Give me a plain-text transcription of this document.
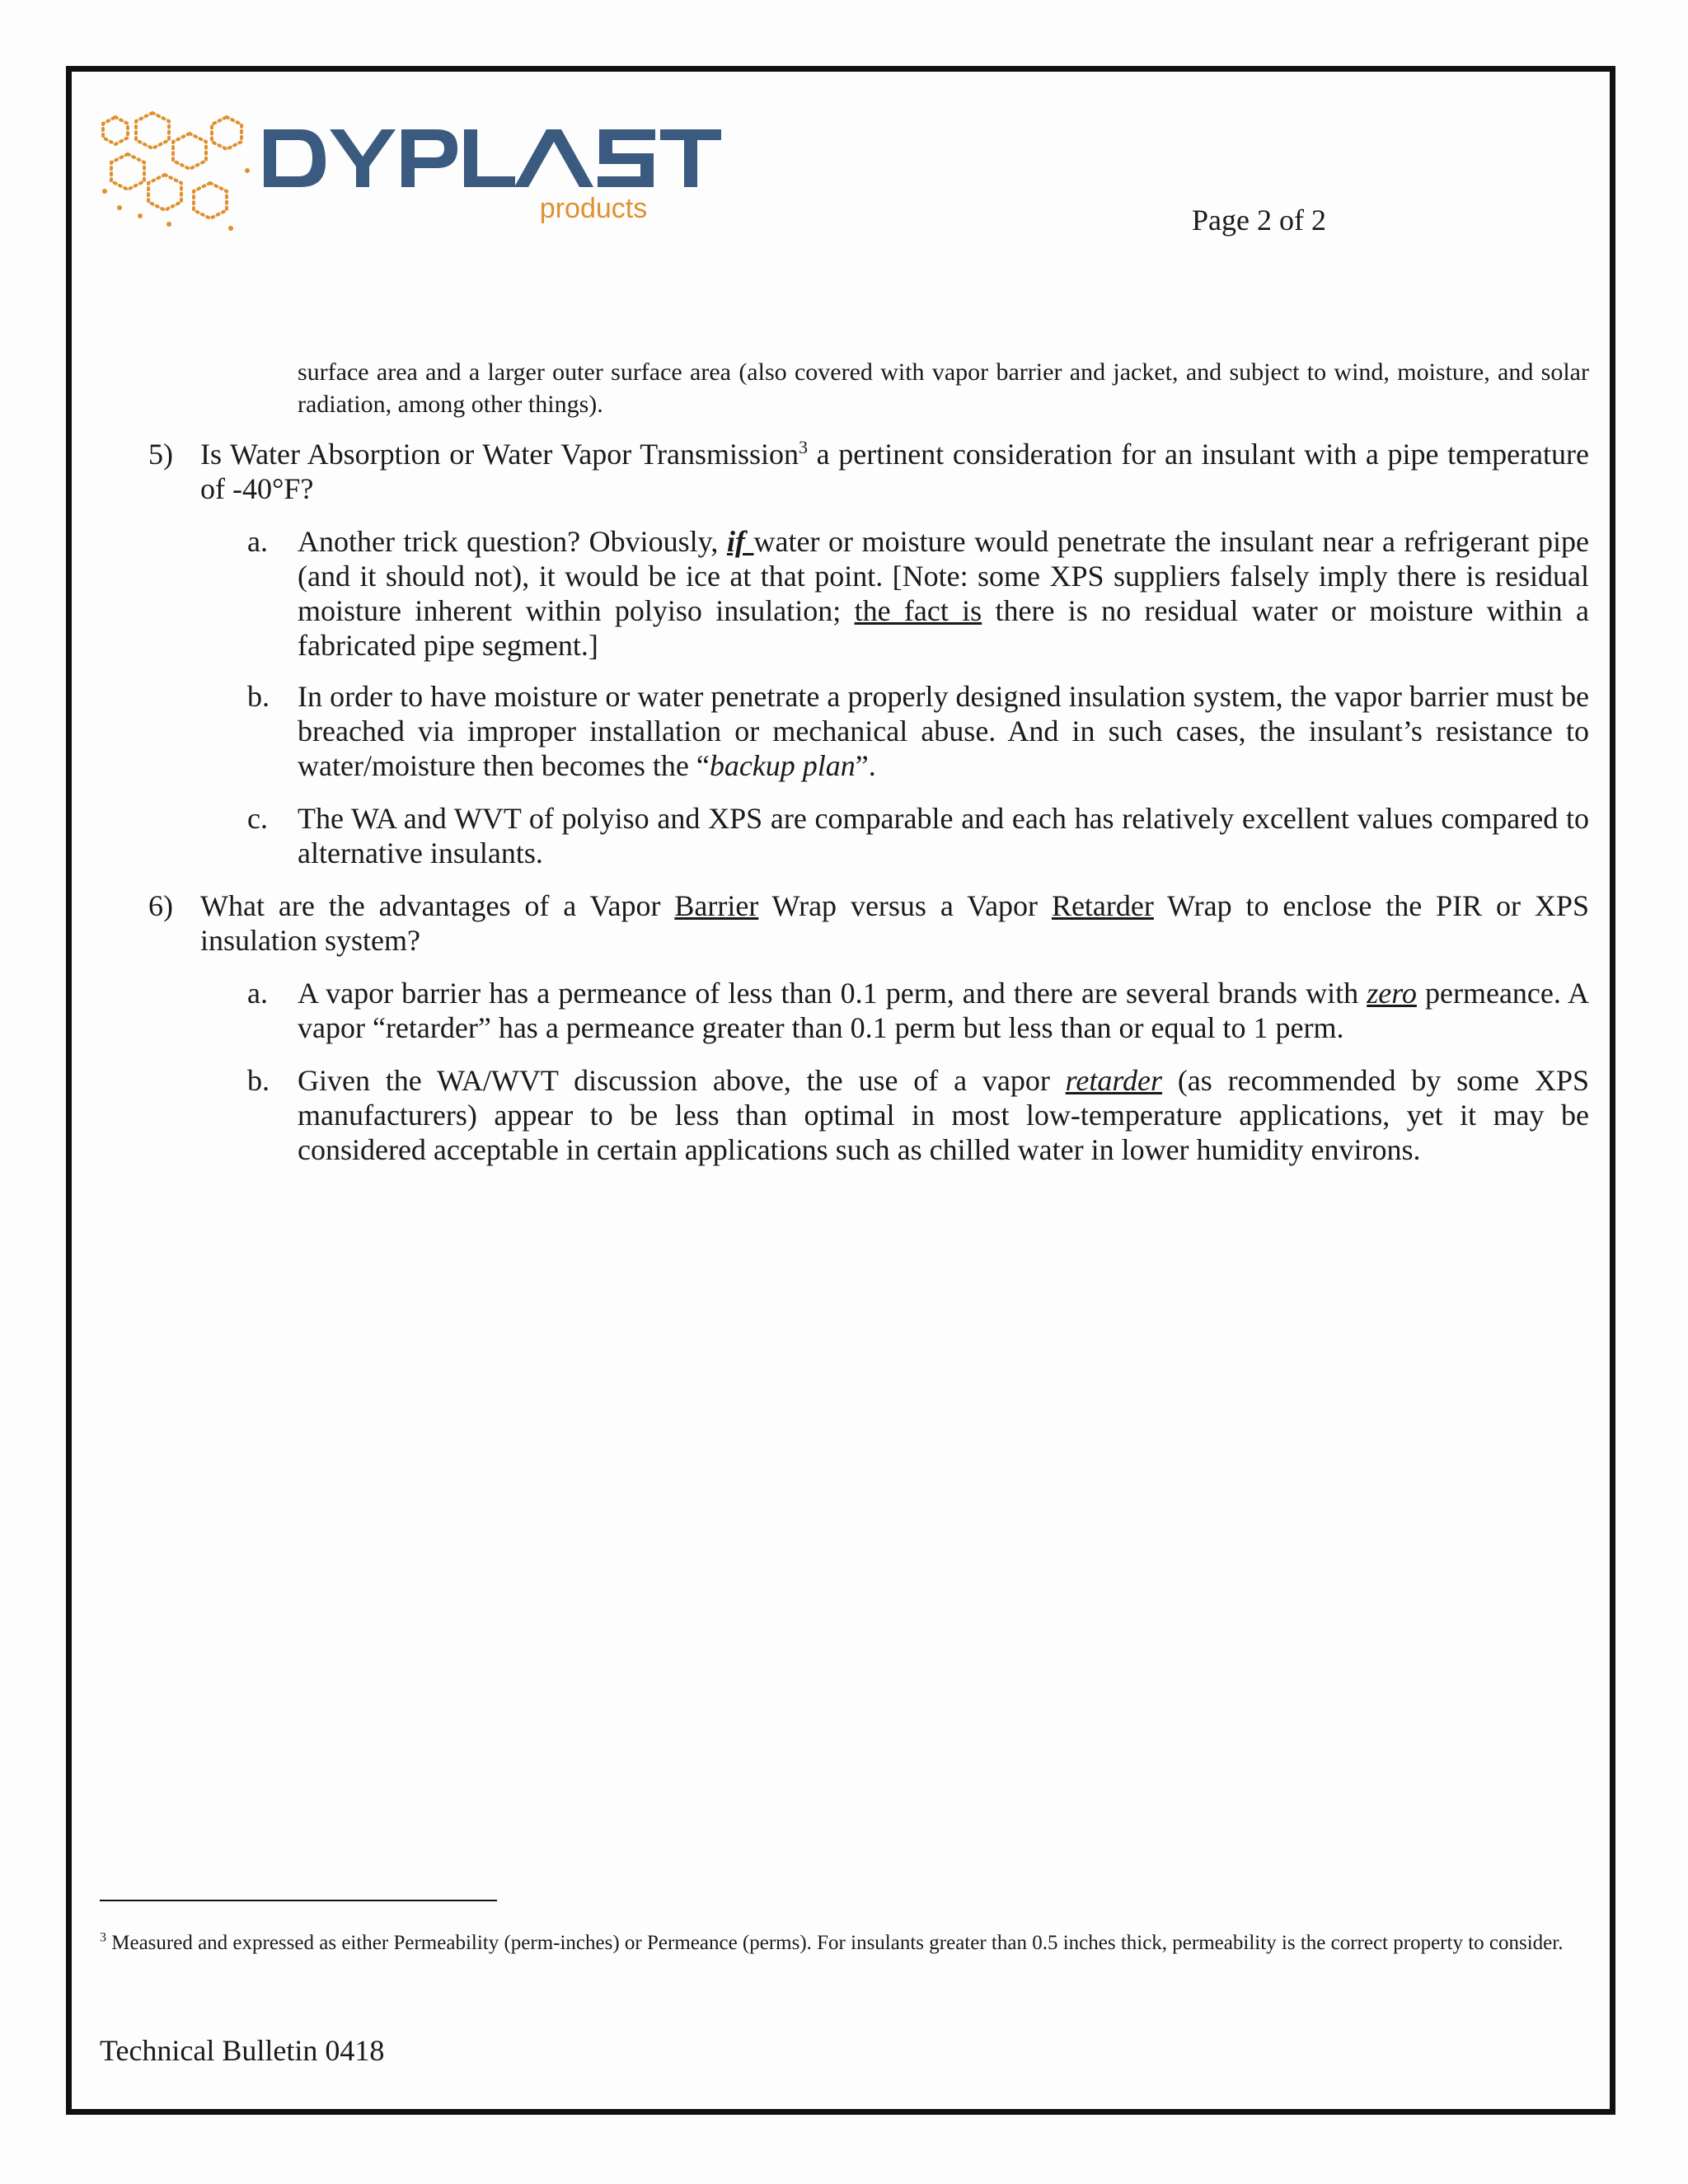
products	Page 2 of 2

surface area and a larger outer surface area (also covered with vapor barrier and jacket, and subject to wind, moisture, and solar radiation, among other things).

5) Is Water Absorption or Water Vapor Transmission$^3$ a pertinent consideration for an insulant with a pipe temperature of -40°F?

a. Another trick question? Obviously, if water or moisture would penetrate the insulant near a refrigerant pipe (and it should not), it would be ice at that point. [Note: some XPS suppliers falsely imply there is residual moisture inherent within polyiso insulation; the fact is there is no residual water or moisture within a fabricated pipe segment.]

b. In order to have moisture or water penetrate a properly designed insulation system, the vapor barrier must be breached via improper installation or mechanical abuse. And in such cases, the insulant’s resistance to water/moisture then becomes the “backup plan”.

c. The WA and WVT of polyiso and XPS are comparable and each has relatively excellent values compared to alternative insulants.

6) What are the advantages of a Vapor Barrier Wrap versus a Vapor Retarder Wrap to enclose the PIR or XPS insulation system?

a. A vapor barrier has a permeance of less than 0.1 perm, and there are several brands with zero permeance. A vapor “retarder” has a permeance greater than 0.1 perm but less than or equal to 1 perm.

b. Given the WA/WVT discussion above, the use of a vapor retarder (as recommended by some XPS manufacturers) appear to be less than optimal in most low-temperature applications, yet it may be considered acceptable in certain applications such as chilled water in lower humidity environs.

$^3$ Measured and expressed as either Permeability (perm-inches) or Permeance (perms). For insulants greater than 0.5 inches thick, permeability is the correct property to consider.

Technical Bulletin 0418
